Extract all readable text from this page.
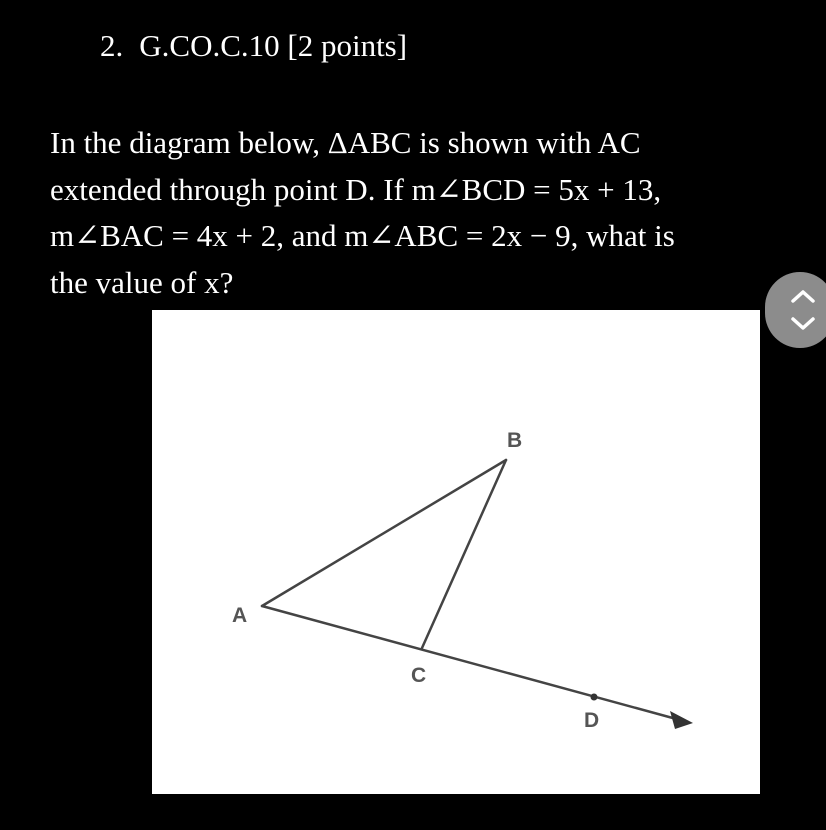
2. G.CO.C.10 [2 points]
In the diagram below, ΔABC is shown with AC
extended through point D. If m∠BCD = 5x + 13,
m∠BAC = 4x + 2, and m∠ABC = 2x − 9, what is
the value of x?
A
B
C
D
